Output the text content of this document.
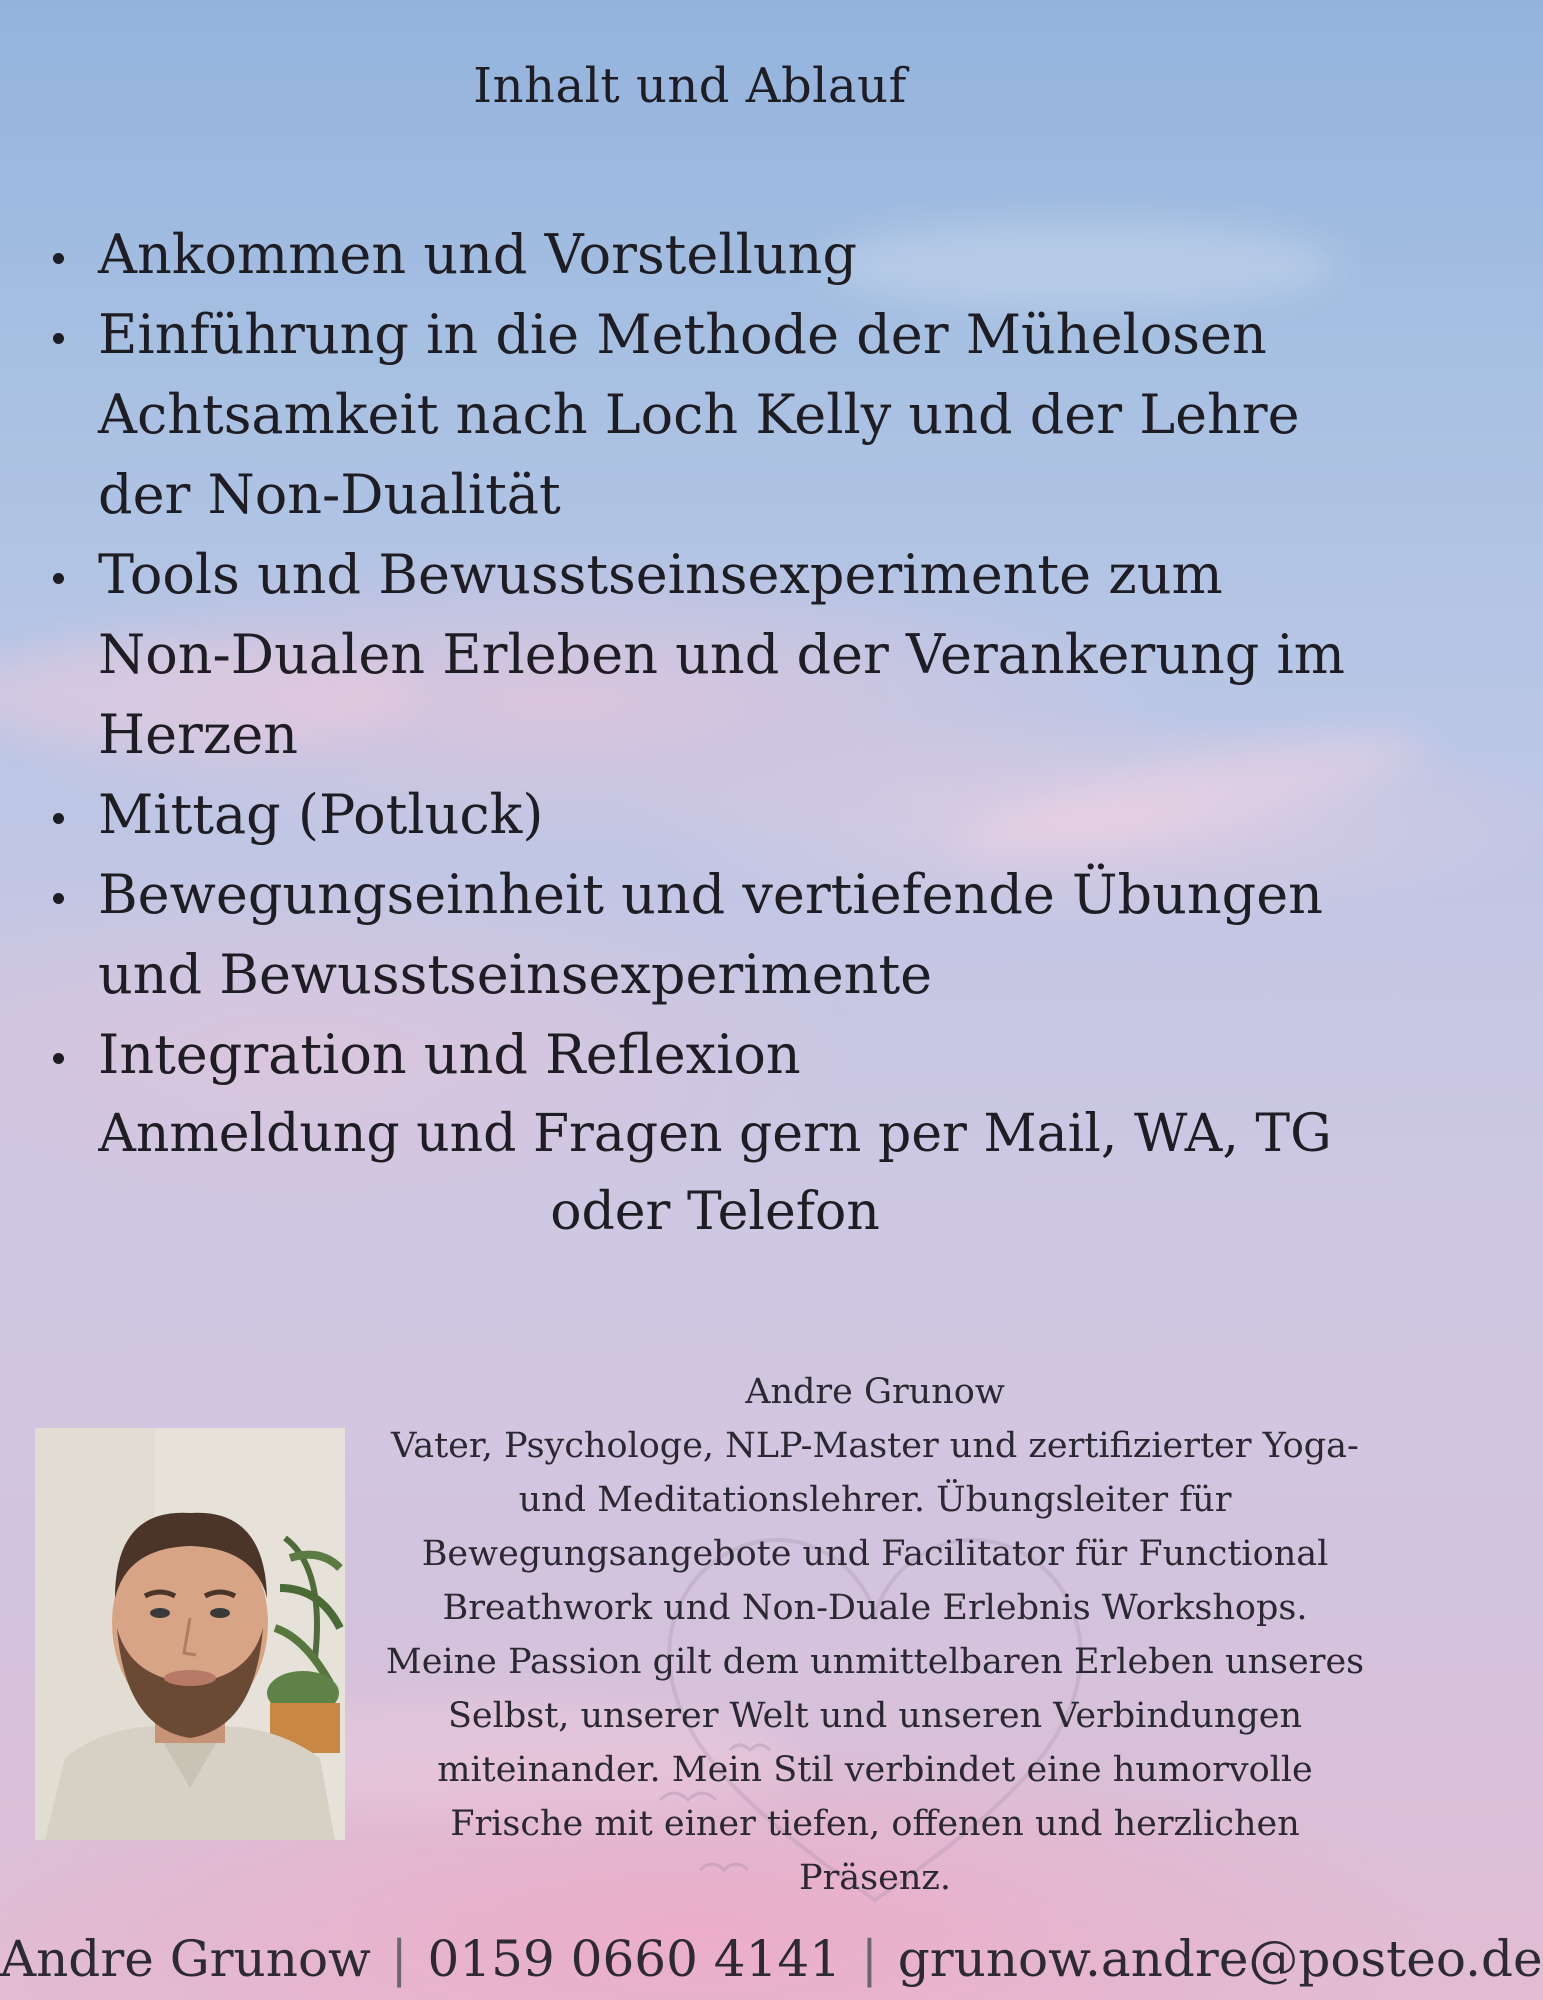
Inhalt und Ablauf
Ankommen und Vorstellung
Einführung in die Methode der Mühelosen Achtsamkeit nach Loch Kelly und der Lehre der Non-Dualität
Tools und Bewusstseinsexperimente zum Non-Dualen Erleben und der Verankerung im Herzen
Mittag (Potluck)
Bewegungseinheit und vertiefende Übungen und Bewusstseinsexperimente
Integration und Reflexion
Anmeldung und Fragen gern per Mail, WA, TG
oder Telefon
Andre Grunow
Vater, Psychologe, NLP-Master und zertifizierter Yoga- und Meditationslehrer. Übungsleiter für Bewegungsangebote und Facilitator für Functional Breathwork und Non-Duale Erlebnis Workshops. Meine Passion gilt dem unmittelbaren Erleben unseres Selbst, unserer Welt und unseren Verbindungen miteinander. Mein Stil verbindet eine humorvolle Frische mit einer tiefen, offenen und herzlichen Präsenz.
Andre Grunow | 0159 0660 4141 | grunow.andre@posteo.de
